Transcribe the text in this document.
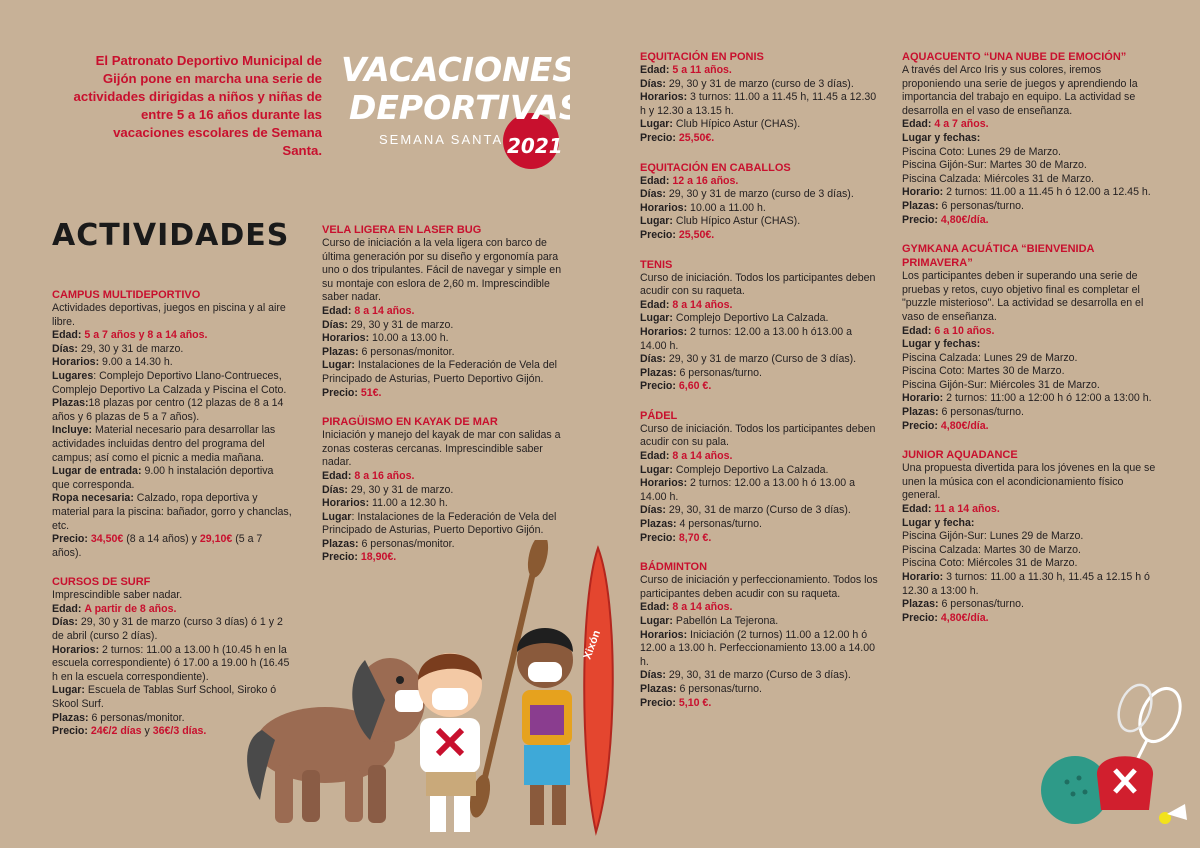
El Patronato Deportivo Municipal de Gijón pone en marcha una serie de actividades dirigidas a niños y niñas de entre 5 a 16 años durante las vacaciones escolares de Semana Santa.
VACACIONES
DEPORTIVAS
SEMANA SANTA 2021
ACTIVIDADES
CAMPUS MULTIDEPORTIVO

Actividades deportivas, juegos en piscina y al aire libre.

Edad: 5 a 7 años y 8 a 14 años.

Días: 29, 30 y 31 de marzo.

Horarios: 9.00 a 14.30 h.

Lugares: Complejo Deportivo Llano-Contrueces, Complejo Deportivo La Calzada y Piscina el Coto.

Plazas:18 plazas por centro (12 plazas de 8 a 14 años y 6 plazas de 5 a 7 años).

Incluye: Material necesario para desarrollar las actividades incluidas dentro del programa del campus; así como el picnic a media mañana.

Lugar de entrada: 9.00 h instalación deportiva que corresponda.

Ropa necesaria: Calzado, ropa deportiva y material para la piscina: bañador, gorro y chanclas, etc.

Precio: 34,50€ (8 a 14 años) y 29,10€ (5 a 7 años).

CURSOS DE SURF

Imprescindible saber nadar.

Edad: A partir de 8 años.

Días: 29, 30 y 31 de marzo (curso 3 días) ó 1 y 2 de abril (curso 2 días).

Horarios: 2 turnos: 11.00 a 13.00 h (10.45 h en la escuela correspondiente) ó 17.00 a 19.00 h (16.45 h en la escuela correspondiente).

Lugar: Escuela de Tablas Surf School, Siroko ó Skool Surf.

Plazas: 6 personas/monitor.

Precio: 24€/2 días y 36€/3 días.

VELA LIGERA EN LASER BUG

Curso de iniciación a la vela ligera con barco de última generación por su diseño y ergonomía para uno o dos tripulantes. Fácil de navegar y simple en su montaje con eslora de 2,60 m. Imprescindible saber nadar.

Edad: 8 a 14 años.

Días: 29, 30 y 31 de marzo.

Horarios: 10.00 a 13.00 h.

Plazas: 6 personas/monitor.

Lugar: Instalaciones de la Federación de Vela del Principado de Asturias, Puerto Deportivo Gijón.

Precio: 51€.

PIRAGÜISMO EN KAYAK DE MAR

Iniciación y manejo del kayak de mar con salidas a zonas costeras cercanas. Imprescindible saber nadar.

Edad: 8 a 16 años.

Días: 29, 30 y 31 de marzo.

Horarios: 11.00 a 12.30 h.

Lugar: Instalaciones de la Federación de Vela del Principado de Asturias, Puerto Deportivo Gijón.

Plazas: 6 personas/monitor.

Precio: 18,90€.

Xixón
EQUITACIÓN EN PONIS

Edad: 5 a 11 años.

Días: 29, 30 y 31 de marzo (curso de 3 días).

Horarios: 3 turnos: 11.00 a 11.45 h, 11.45 a 12.30 h y 12.30 a 13.15 h.

Lugar: Club Hípico Astur (CHAS).

Precio: 25,50€.

EQUITACIÓN EN CABALLOS

Edad: 12 a 16 años.

Días: 29, 30 y 31 de marzo (curso de 3 días).

Horarios: 10.00 a 11.00 h.

Lugar: Club Hípico Astur (CHAS).

Precio: 25,50€.

TENIS

Curso de iniciación. Todos los participantes deben acudir con su raqueta.

Edad: 8 a 14 años.

Lugar: Complejo Deportivo La Calzada.

Horarios: 2 turnos: 12.00 a 13.00 h ó13.00 a 14.00 h.

Días: 29, 30 y 31 de marzo (Curso de 3 días).

Plazas: 6 personas/turno.

Precio: 6,60 €.

PÁDEL

Curso de iniciación. Todos los participantes deben acudir con su pala.

Edad: 8 a 14 años.

Lugar: Complejo Deportivo La Calzada.

Horarios: 2 turnos: 12.00 a 13.00 h ó 13.00 a 14.00 h.

Días: 29, 30, 31 de marzo (Curso de 3 días).

Plazas: 4 personas/turno.

Precio: 8,70 €.

BÁDMINTON

Curso de iniciación y perfeccionamiento. Todos los participantes deben acudir con su raqueta.

Edad: 8 a 14 años.

Lugar: Pabellón La Tejerona.

Horarios: Iniciación (2 turnos) 11.00 a 12.00 h ó 12.00 a 13.00 h. Perfeccionamiento 13.00 a 14.00 h.

Días: 29, 30, 31 de marzo (Curso de 3 días).

Plazas: 6 personas/turno.

Precio: 5,10 €.

AQUACUENTO “UNA NUBE DE EMOCIÓN”

A través del Arco Iris y sus colores, iremos proponiendo una serie de juegos y aprendiendo la importancia del trabajo en equipo. La actividad se desarrolla en el vaso de enseñanza.

Edad: 4 a 7 años.

Lugar y fechas:

Piscina Coto: Lunes 29 de Marzo.

Piscina Gijón-Sur: Martes 30 de Marzo.

Piscina Calzada: Miércoles 31 de Marzo.

Horario: 2 turnos: 11.00 a 11.45 h ó 12.00 a 12.45 h.

Plazas: 6 personas/turno.

Precio: 4,80€/día.

GYMKANA ACUÁTICA “BIENVENIDA PRIMAVERA”

Los participantes deben ir superando una serie de pruebas y retos, cuyo objetivo final es completar el "puzzle misterioso". La actividad se desarrolla en el vaso de enseñanza.

Edad: 6 a 10 años.

Lugar y fechas:

Piscina Calzada: Lunes 29 de Marzo.

Piscina Coto: Martes 30 de Marzo.

Piscina Gijón-Sur: Miércoles 31 de Marzo.

Horario: 2 turnos: 11:00 a 12:00 h ó 12:00 a 13:00 h.

Plazas: 6 personas/turno.

Precio: 4,80€/día.

JUNIOR AQUADANCE

Una propuesta divertida para los jóvenes en la que se unen la música con el acondicionamiento físico general.

Edad: 11 a 14 años.

Lugar y fecha:

Piscina Gijón-Sur: Lunes 29 de Marzo.

Piscina Calzada: Martes 30 de Marzo.

Piscina Coto: Miércoles 31 de Marzo.

Horario: 3 turnos: 11.00 a 11.30 h, 11.45 a 12.15 h ó 12.30 a 13:00 h.

Plazas: 6 personas/turno.

Precio: 4,80€/día.
